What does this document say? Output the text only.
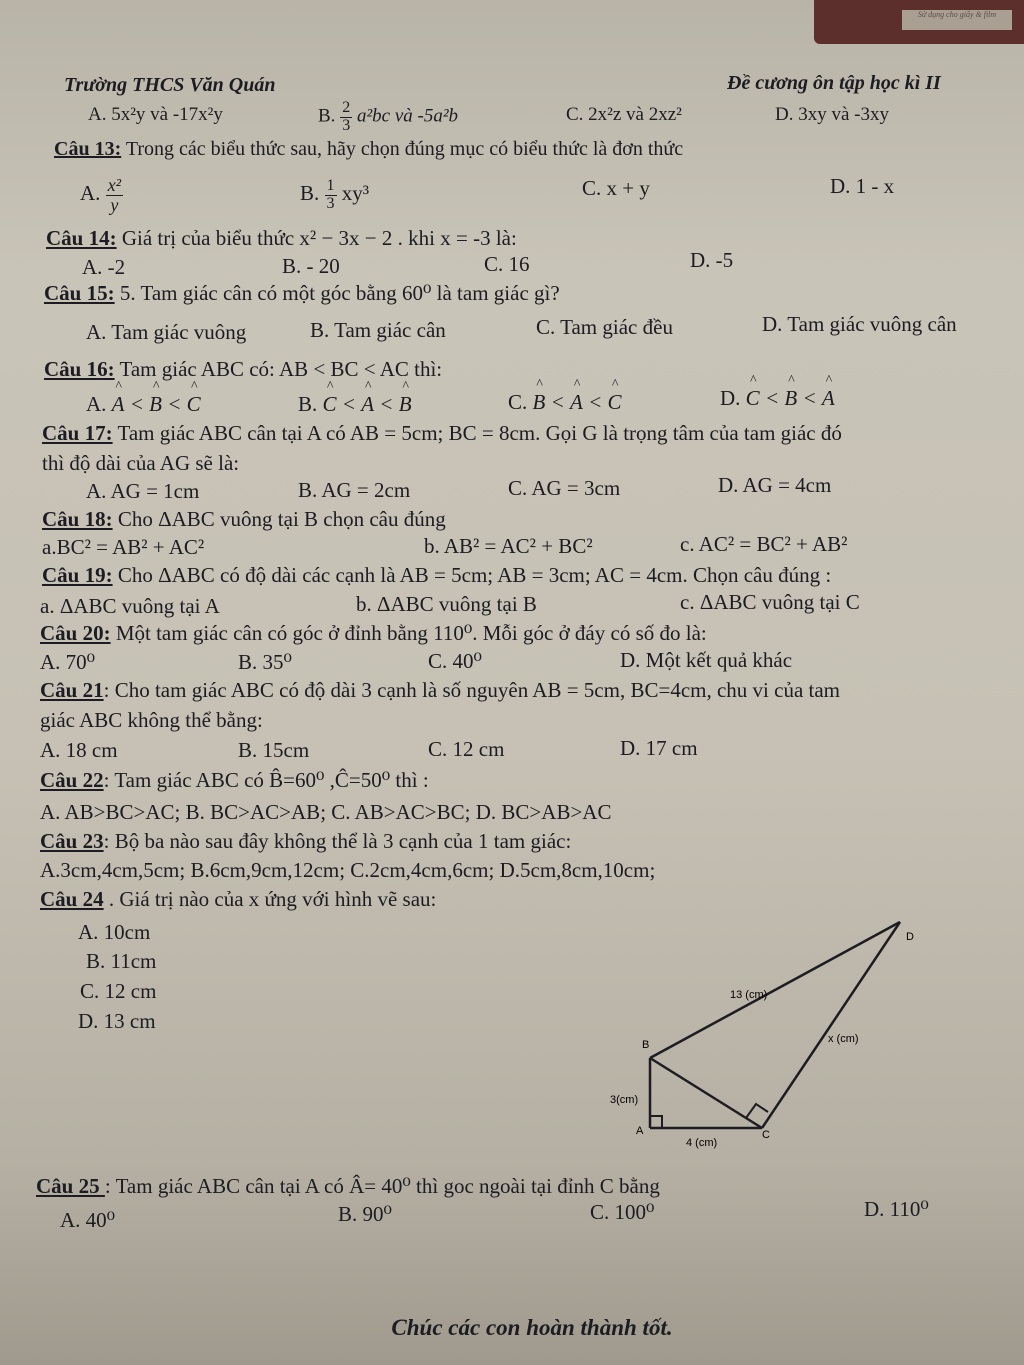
Sử dụng cho giấy & film
Trường THCS Văn Quán	Đề cương ôn tập học kì II
A. 5x²y và -17x²y	B. $\frac{2}{3} a^2bc$ và -5a²b	C. 2x²z và 2xz²	D. 3xy và -3xy
Câu 13: Trong các biểu thức sau, hãy chọn đúng mục có biểu thức là đơn thức
A. $\frac{\text{x²}}{y}$	B. $\frac{1}{3} xy^3$	C. x + y	D. 1 - x
Câu 14: Giá trị của biểu thức x² − 3x − 2 . khi x = -3 là:
A. -2	B. - 20	C. 16	D. -5
Câu 15: 5. Tam giác cân có một góc bằng 60⁰ là tam giác gì?
A. Tam giác vuông	B. Tam giác cân	C. Tam giác đều	D. Tam giác vuông cân
Câu 16: Tam giác ABC có: AB < BC < AC thì:
A. ^ A < ^ B < ^ C	B. ^ C < ^ A < ^ B	C. ^ B < ^ A < ^ C	D. ^ C < ^ B < ^ A
Câu 17: Tam giác ABC cân tại A có AB = 5cm; BC = 8cm. Gọi G là trọng tâm của tam giác đó
thì độ dài của AG sẽ là:
A. AG = 1cm	B. AG = 2cm	C. AG = 3cm	D. AG = 4cm
Câu 18: Cho ΔABC vuông tại B chọn câu đúng
a.BC² = AB² + AC²	b. AB² = AC² + BC²	c. AC² = BC² + AB²
Câu 19: Cho ΔABC có độ dài các cạnh là AB = 5cm; AB = 3cm; AC = 4cm. Chọn câu đúng :
a. ΔABC vuông tại A	b. ΔABC vuông tại B	c. ΔABC vuông tại C
Câu 20: Một tam giác cân có góc ở đỉnh bằng 110⁰. Mỗi góc ở đáy có số đo là:
A. 70⁰	B. 35⁰	C. 40⁰	D. Một kết quả khác
Câu 21: Cho tam giác ABC có độ dài 3 cạnh là số nguyên AB = 5cm, BC=4cm, chu vi của tam
giác ABC không thể bằng:
A. 18 cm	B. 15cm	C. 12 cm	D. 17 cm
Câu 22: Tam giác ABC có B̂=60⁰ ,Ĉ=50⁰ thì :
A. AB>BC>AC; B. BC>AC>AB; C. AB>AC>BC; D. BC>AB>AC
Câu 23: Bộ ba nào sau đây không thể là 3 cạnh của 1 tam giác:
A.3cm,4cm,5cm; B.6cm,9cm,12cm; C.2cm,4cm,6cm; D.5cm,8cm,10cm;
Câu 24 . Giá trị nào của x ứng với hình vẽ sau:
A. 10cm
B. 11cm
C. 12 cm
D. 13 cm
A
B
C
D
3(cm)
4 (cm)
13 (cm)
x (cm)
Câu 25 : Tam giác ABC cân tại A có Â= 40⁰ thì goc ngoài tại đỉnh C bằng
A. 40⁰	B. 90⁰	C. 100⁰	D. 110⁰
Chúc các con hoàn thành tốt.
